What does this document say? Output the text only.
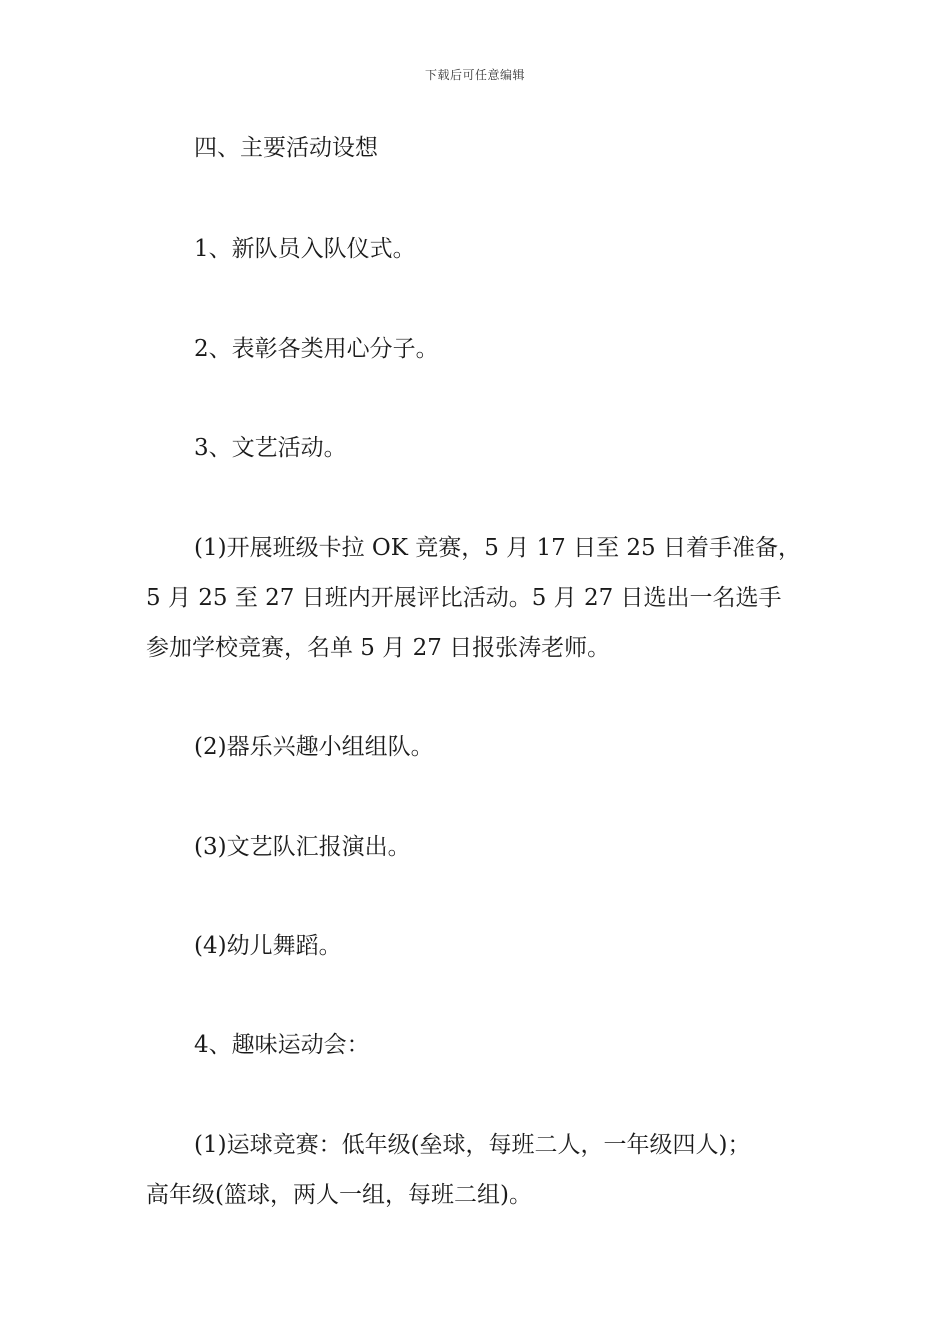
下载后可任意编辑
四、主要活动设想
1、新队员入队仪式。
2、表彰各类用心分子。
3、文艺活动。
(1)开展班级卡拉 OK 竞赛，5 月 17 日至 25 日着手准备，
5 月 25 至 27 日班内开展评比活动。5 月 27 日选出一名选手
参加学校竞赛，名单 5 月 27 日报张涛老师。
(2)器乐兴趣小组组队。
(3)文艺队汇报演出。
(4)幼儿舞蹈。
4、趣味运动会：
(1)运球竞赛：低年级(垒球，每班二人，一年级四人)；
高年级(篮球，两人一组，每班二组)。
